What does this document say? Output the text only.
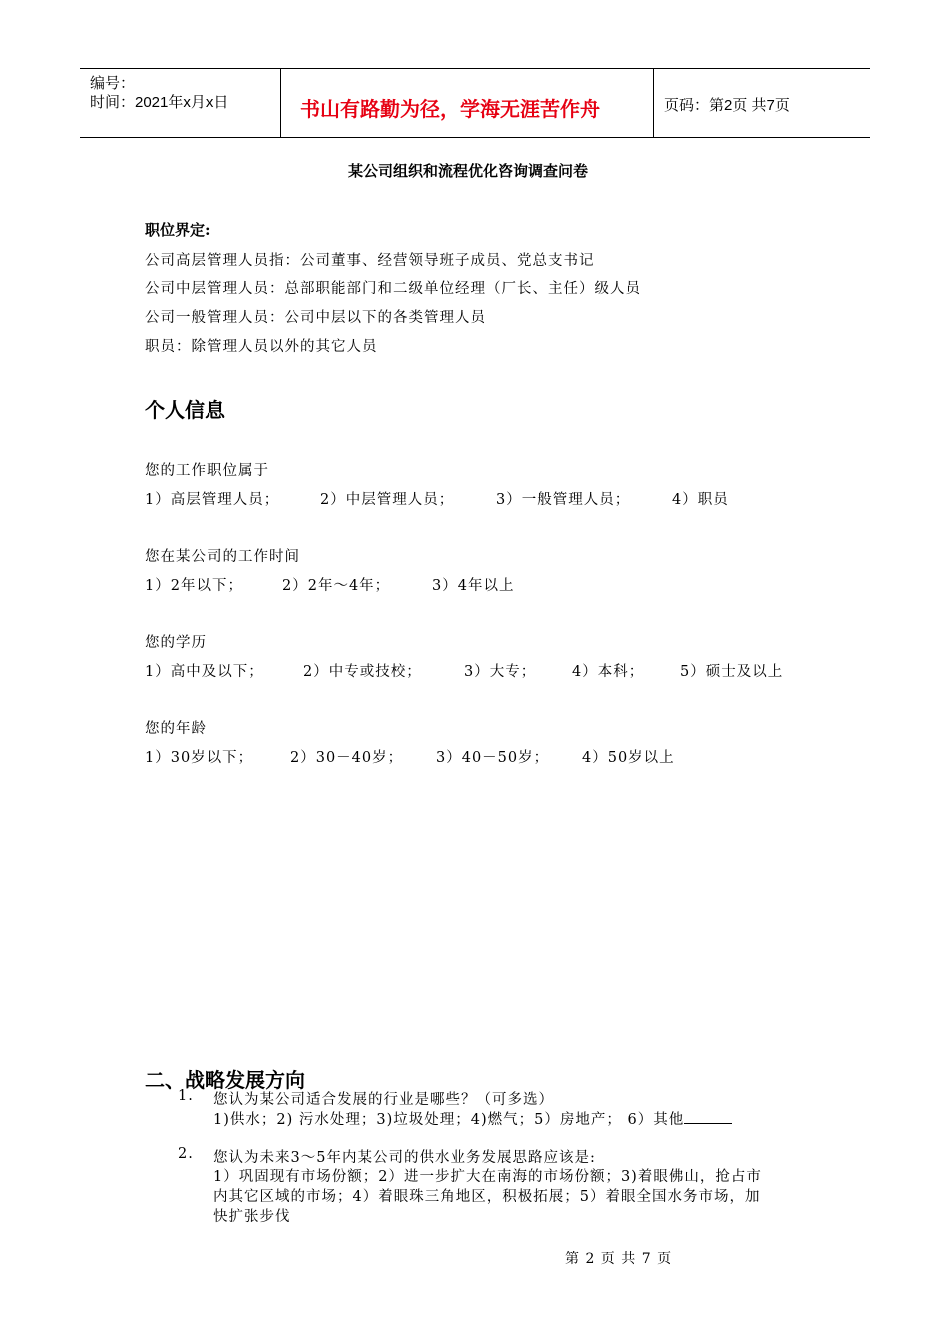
编号：
时间：2021年x月x日	书山有路勤为径，学海无涯苦作舟	页码：第2页 共7页
某公司组织和流程优化咨询调查问卷
职位界定:
公司高层管理人员指：公司董事、经营领导班子成员、党总支书记
公司中层管理人员：总部职能部门和二级单位经理（厂长、主任）级人员
公司一般管理人员：公司中层以下的各类管理人员
职员：除管理人员以外的其它人员
个人信息
您的工作职位属于
1）高层管理人员；	2）中层管理人员；	3）一般管理人员；	4）职员
您在某公司的工作时间
1）2年以下；	2）2年～4年；	3）4年以上
您的学历
1）高中及以下；	2）中专或技校；	3）大专； 4）本科； 5）硕士及以上
您的年龄
1）30岁以下；	2）30－40岁； 3）40－50岁； 4）50岁以上
二、战略发展方向
1. 您认为某公司适合发展的行业是哪些？（可多选）
1)供水；2) 污水处理；3)垃圾处理；4)燃气；5）房地产； 6）其他
2. 您认为未来3～5年内某公司的供水业务发展思路应该是:
1）巩固现有市场份额；2）进一步扩大在南海的市场份额；3)着眼佛山，抢占市
内其它区域的市场；4）着眼珠三角地区，积极拓展；5）着眼全国水务市场，加
快扩张步伐
第 2 页 共 7 页
